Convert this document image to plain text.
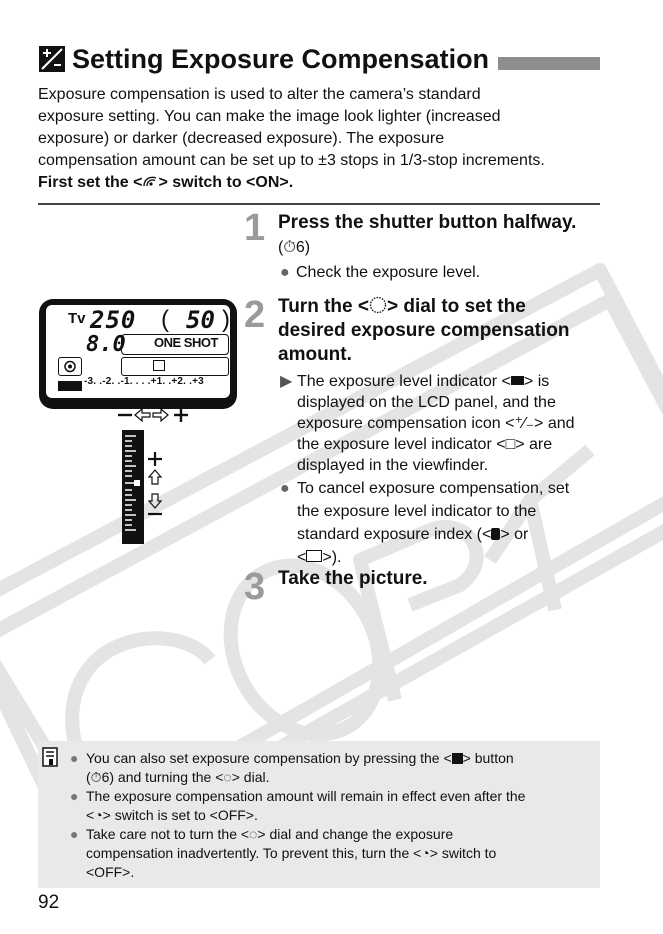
Setting Exposure Compensation

Exposure compensation is used to alter the camera’s standard

exposure setting. You can make the image look lighter (increased

exposure) or darker (decreased exposure). The exposure

compensation amount can be set up to ±3 stops in 1/3-stop increments.

First set the < > switch to <ON>.

Tv 250 ( 50 )
8.0 ONE SHOT
-3. .-2. .-1. . . .+1. .+2. .+3
1 Press the shutter button halfway.
(⏱6)
● Check the exposure level.
2 Turn the < > dial to set the
desired exposure compensation
amount.
▶ The exposure level indicator < > is
displayed on the LCD panel, and the
exposure compensation icon <⁺⁄₋> and
the exposure level indicator <□> are
displayed in the viewfinder.
● To cancel exposure compensation, set
the exposure level indicator to the
standard exposure index (< > or
< >).
3 Take the picture.
● You can also set exposure compensation by pressing the < > button
(⏱6) and turning the <◌> dial.
● The exposure compensation amount will remain in effect even after the
<◔> switch is set to <OFF>.
● Take care not to turn the <◌> dial and change the exposure
compensation inadvertently. To prevent this, turn the <◔> switch to
<OFF>.
92
